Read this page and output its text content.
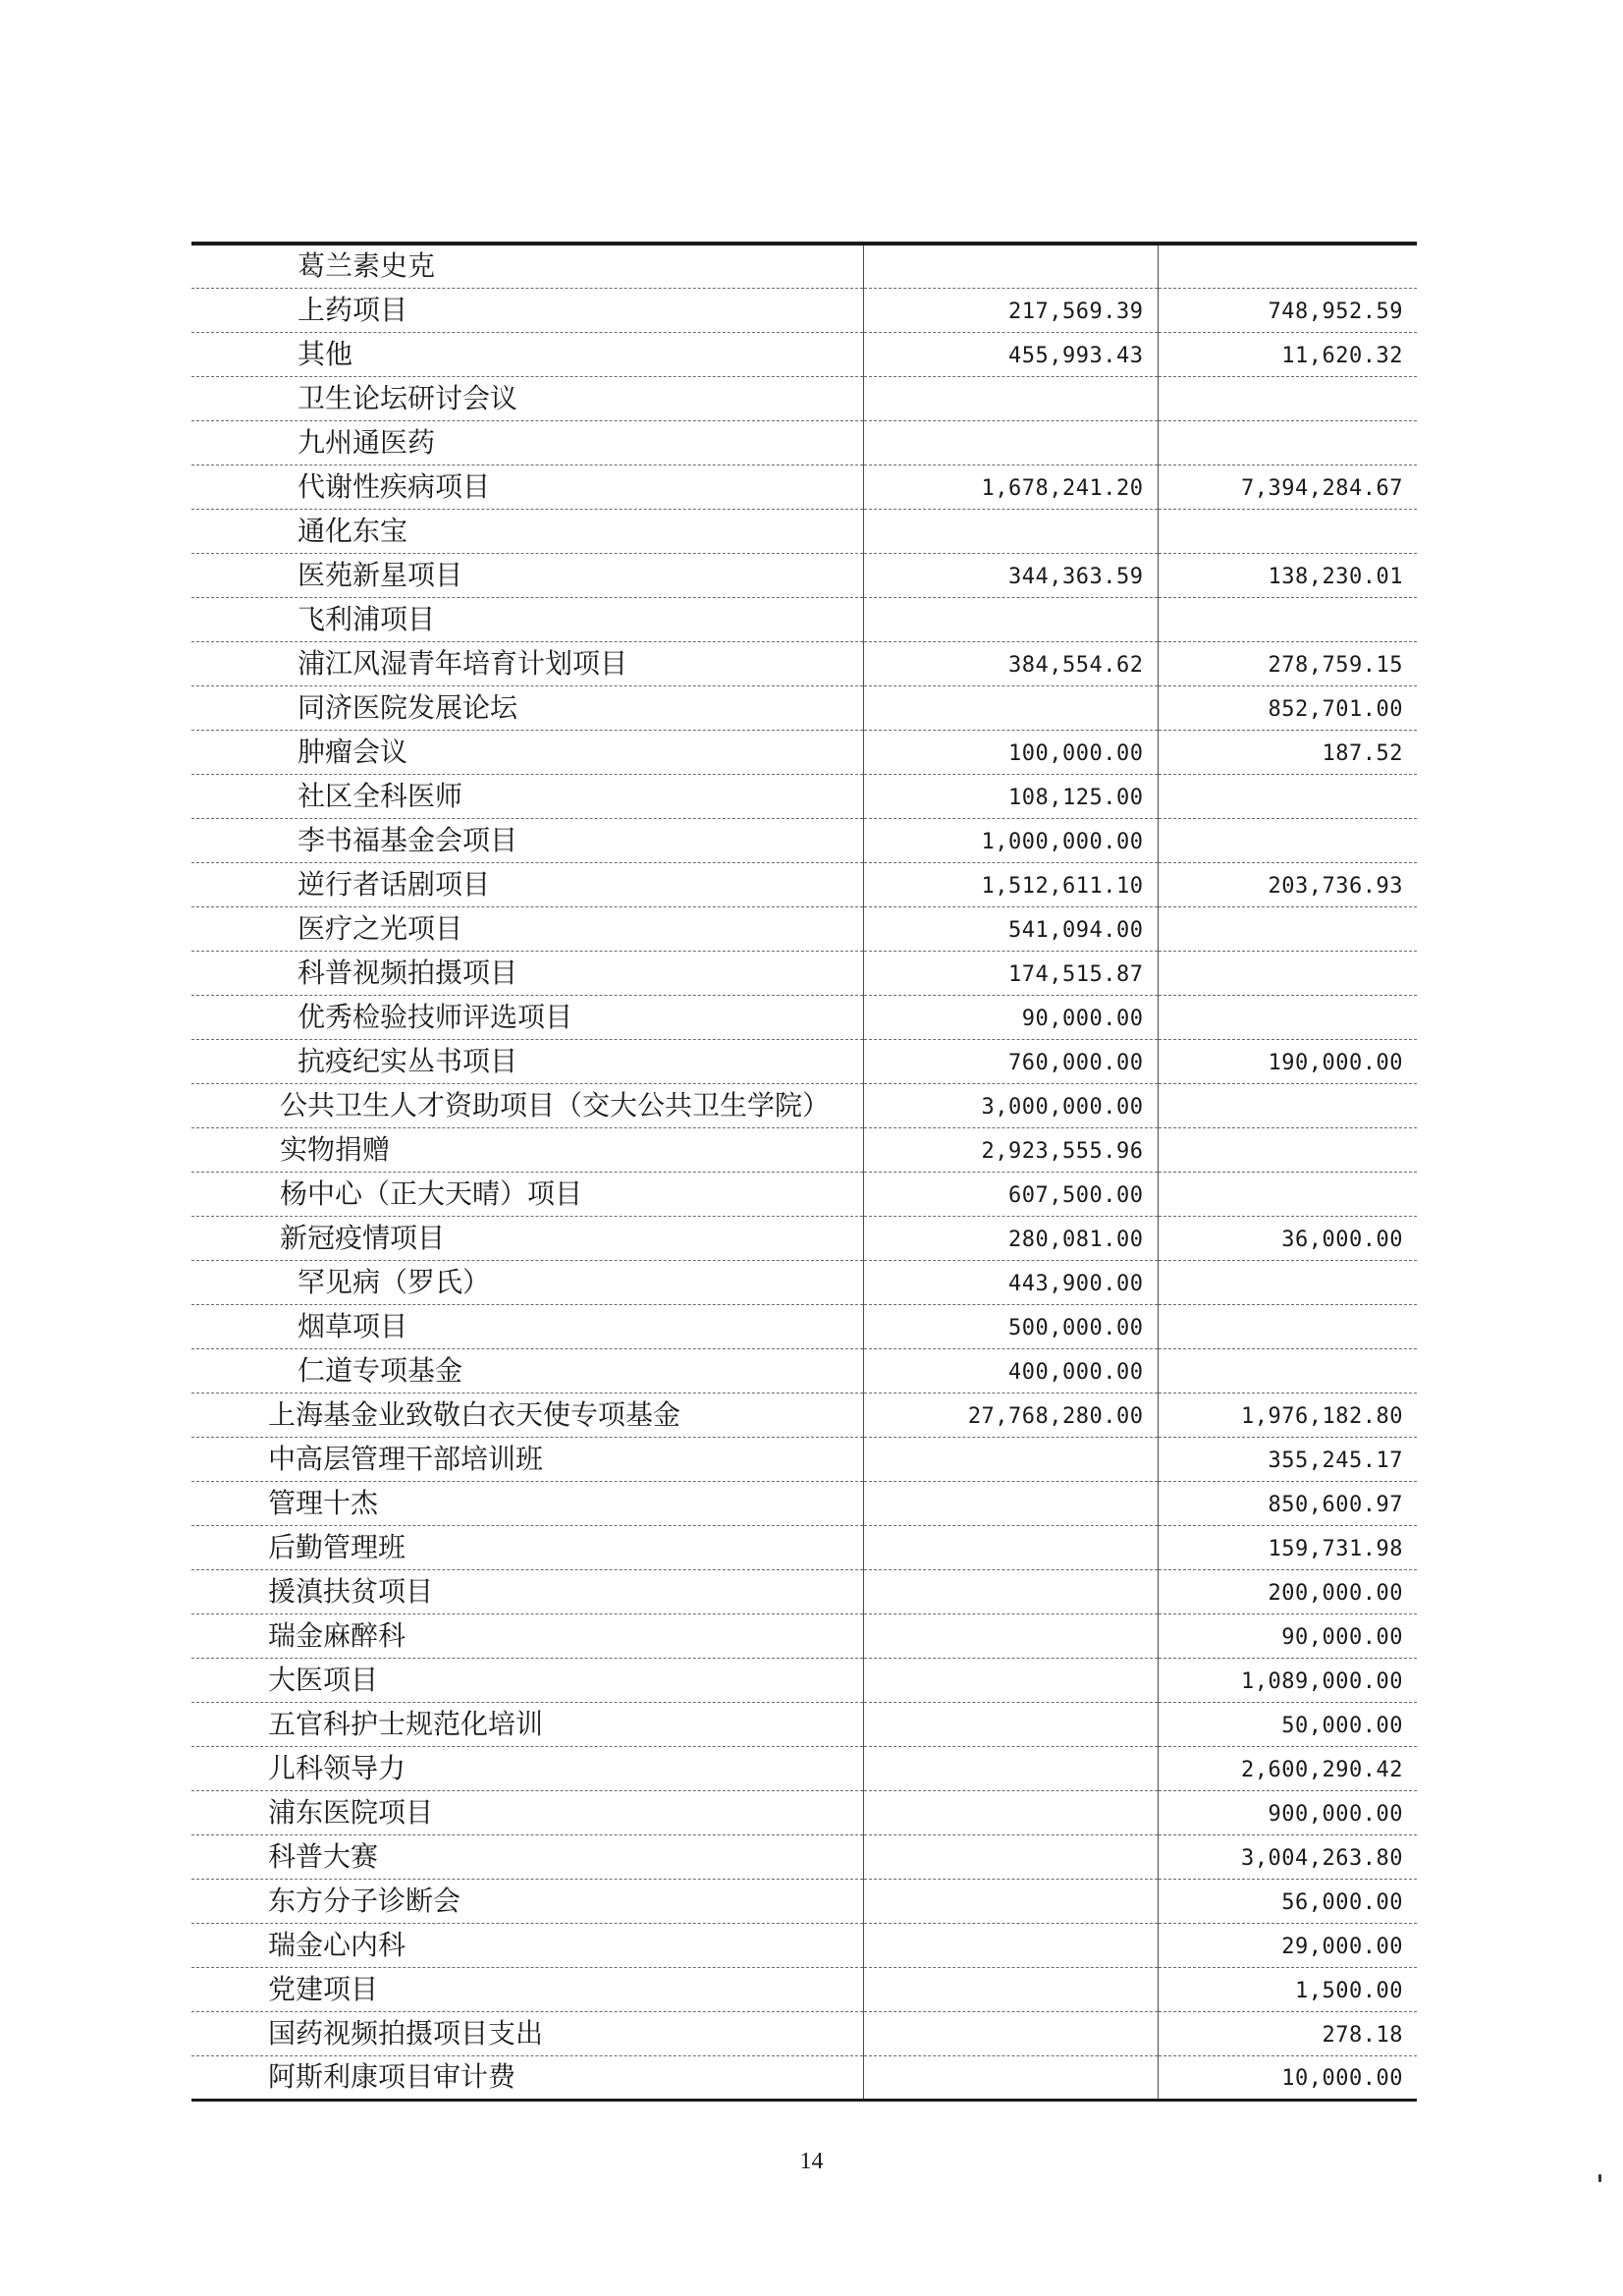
葛兰素史克		
上药项目	217,569.39	748,952.59
其他	455,993.43	11,620.32
卫生论坛研讨会议		
九州通医药		
代谢性疾病项目	1,678,241.20	7,394,284.67
通化东宝		
医苑新星项目	344,363.59	138,230.01
飞利浦项目		
浦江风湿青年培育计划项目	384,554.62	278,759.15
同济医院发展论坛		852,701.00
肿瘤会议	100,000.00	187.52
社区全科医师	108,125.00	
李书福基金会项目	1,000,000.00	
逆行者话剧项目	1,512,611.10	203,736.93
医疗之光项目	541,094.00	
科普视频拍摄项目	174,515.87	
优秀检验技师评选项目	90,000.00	
抗疫纪实丛书项目	760,000.00	190,000.00
公共卫生人才资助项目（交大公共卫生学院）	3,000,000.00	
实物捐赠	2,923,555.96	
杨中心（正大天晴）项目	607,500.00	
新冠疫情项目	280,081.00	36,000.00
罕见病（罗氏）	443,900.00	
烟草项目	500,000.00	
仁道专项基金	400,000.00	
上海基金业致敬白衣天使专项基金	27,768,280.00	1,976,182.80
中高层管理干部培训班		355,245.17
管理十杰		850,600.97
后勤管理班		159,731.98
援滇扶贫项目		200,000.00
瑞金麻醉科		90,000.00
大医项目		1,089,000.00
五官科护士规范化培训		50,000.00
儿科领导力		2,600,290.42
浦东医院项目		900,000.00
科普大赛		3,004,263.80
东方分子诊断会		56,000.00
瑞金心内科		29,000.00
党建项目		1,500.00
国药视频拍摄项目支出		278.18
阿斯利康项目审计费		10,000.00
14
